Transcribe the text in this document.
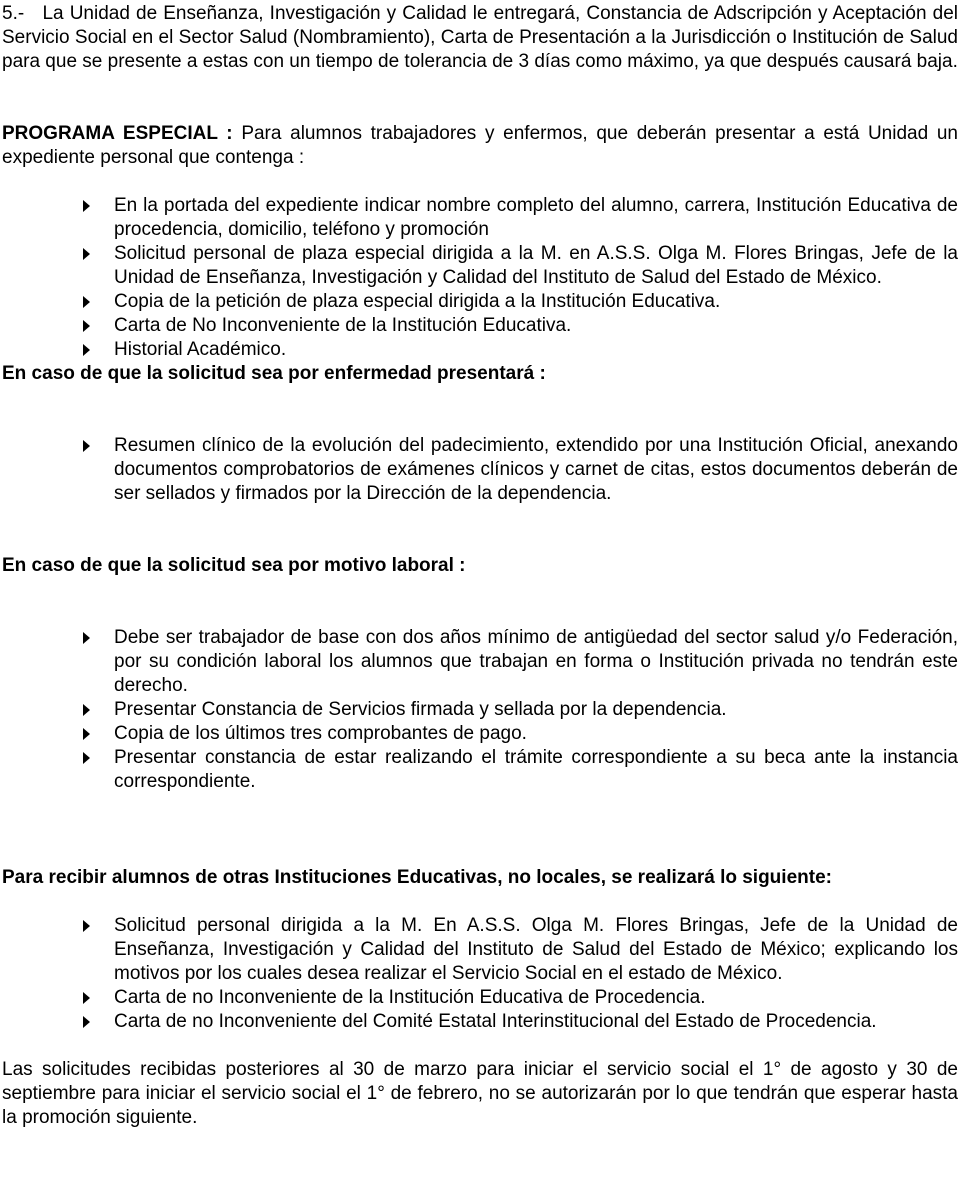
5.- La Unidad de Enseñanza, Investigación y Calidad le entregará, Constancia de Adscripción y Aceptación del Servicio Social en el Sector Salud (Nombramiento), Carta de Presentación a la Jurisdicción o Institución de Salud para que se presente a estas con un tiempo de tolerancia de 3 días como máximo, ya que después causará baja.

PROGRAMA ESPECIAL : Para alumnos trabajadores y enfermos, que deberán presentar a está Unidad un expediente personal que contenga :

En la portada del expediente indicar nombre completo del alumno, carrera, Institución Educativa de procedencia, domicilio, teléfono y promoción
Solicitud personal de plaza especial dirigida a la M. en A.S.S. Olga M. Flores Bringas, Jefe de la Unidad de Enseñanza, Investigación y Calidad del Instituto de Salud del Estado de México.
Copia de la petición de plaza especial dirigida a la Institución Educativa.
Carta de No Inconveniente de la Institución Educativa.
Historial Académico.

En caso de que la solicitud sea por enfermedad presentará :

Resumen clínico de la evolución del padecimiento, extendido por una Institución Oficial, anexando documentos comprobatorios de exámenes clínicos y carnet de citas, estos documentos deberán de ser sellados y firmados por la Dirección de la dependencia.

En caso de que la solicitud sea por motivo laboral :

Debe ser trabajador de base con dos años mínimo de antigüedad del sector salud y/o Federación, por su condición laboral los alumnos que trabajan en forma o Institución privada no tendrán este derecho.
Presentar Constancia de Servicios firmada y sellada por la dependencia.
Copia de los últimos tres comprobantes de pago.
Presentar constancia de estar realizando el trámite correspondiente a su beca ante la instancia correspondiente.

Para recibir alumnos de otras Instituciones Educativas, no locales, se realizará lo siguiente:

Solicitud personal dirigida a la M. En A.S.S. Olga M. Flores Bringas, Jefe de la Unidad de Enseñanza, Investigación y Calidad del Instituto de Salud del Estado de México; explicando los motivos por los cuales desea realizar el Servicio Social en el estado de México.
Carta de no Inconveniente de la Institución Educativa de Procedencia.
Carta de no Inconveniente del Comité Estatal Interinstitucional del Estado de Procedencia.

Las solicitudes recibidas posteriores al 30 de marzo para iniciar el servicio social el 1° de agosto y 30 de septiembre para iniciar el servicio social el 1° de febrero, no se autorizarán por lo que tendrán que esperar hasta la promoción siguiente.
